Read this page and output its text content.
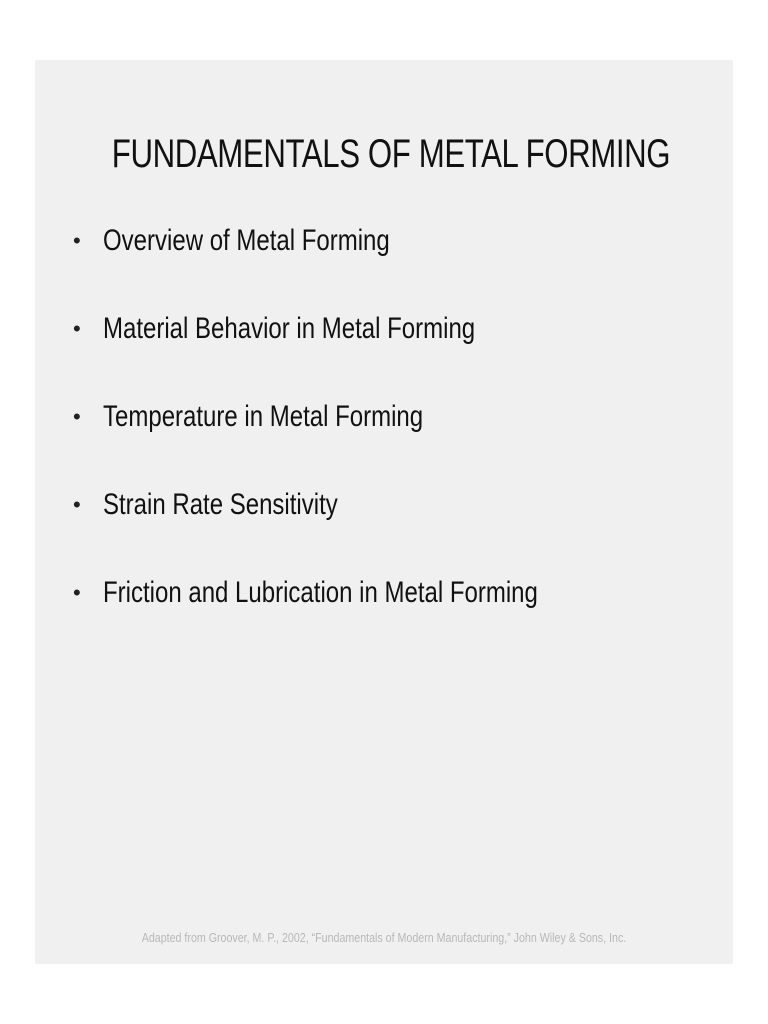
FUNDAMENTALS OF METAL FORMING
• Overview of Metal Forming
• Material Behavior in Metal Forming
• Temperature in Metal Forming
• Strain Rate Sensitivity
• Friction and Lubrication in Metal Forming
Adapted from Groover, M. P., 2002, “Fundamentals of Modern Manufacturing,” John Wiley & Sons, Inc.
